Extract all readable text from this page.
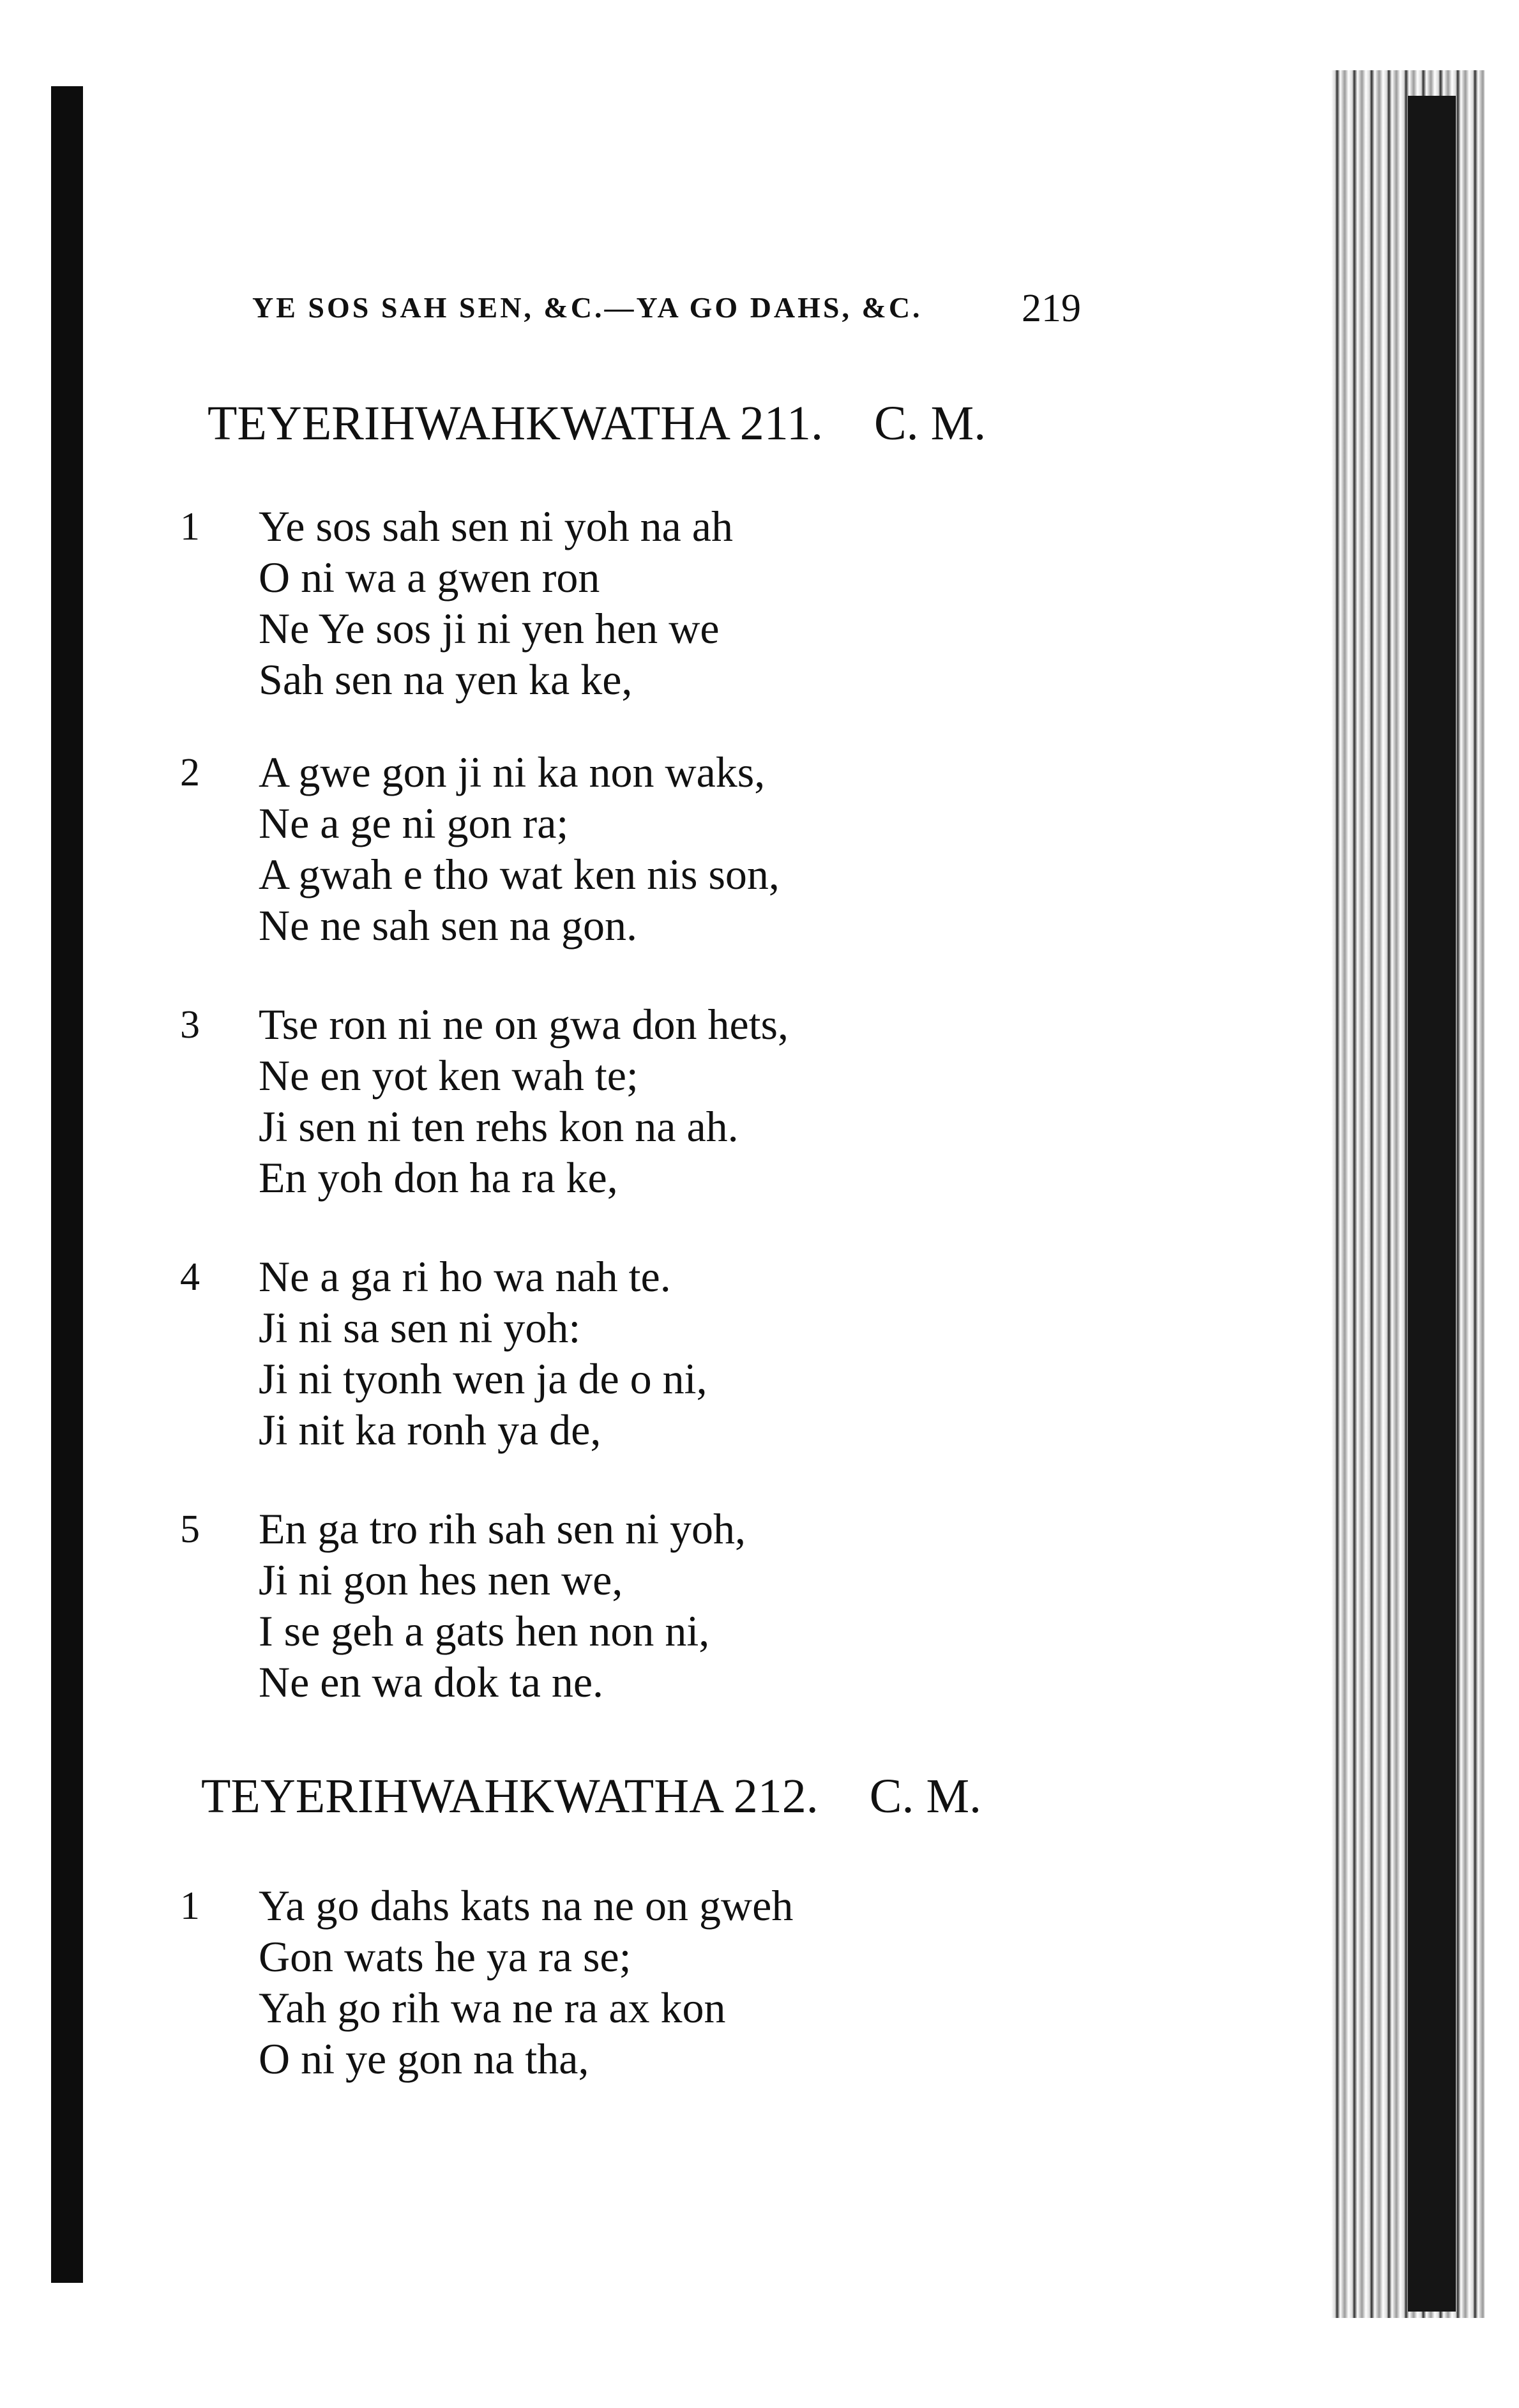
YE SOS SAH SEN, &C.—YA GO DAHS, &C.	219
TEYERIHWAHKWATHA 211. C. M.
1 Ye sos sah sen ni yoh na ah
O ni wa a gwen ron
Ne Ye sos ji ni yen hen we
Sah sen na yen ka ke,
2 A gwe gon ji ni ka non waks,
Ne a ge ni gon ra;
A gwah e tho wat ken nis son,
Ne ne sah sen na gon.
3 Tse ron ni ne on gwa don hets,
Ne en yot ken wah te;
Ji sen ni ten rehs kon na ah.
En yoh don ha ra ke,
4 Ne a ga ri ho wa nah te.
Ji ni sa sen ni yoh:
Ji ni tyonh wen ja de o ni,
Ji nit ka ronh ya de,
5 En ga tro rih sah sen ni yoh,
Ji ni gon hes nen we,
I se geh a gats hen non ni,
Ne en wa dok ta ne.
TEYERIHWAHKWATHA 212. C. M.
1 Ya go dahs kats na ne on gweh
Gon wats he ya ra se;
Yah go rih wa ne ra ax kon
O ni ye gon na tha,
